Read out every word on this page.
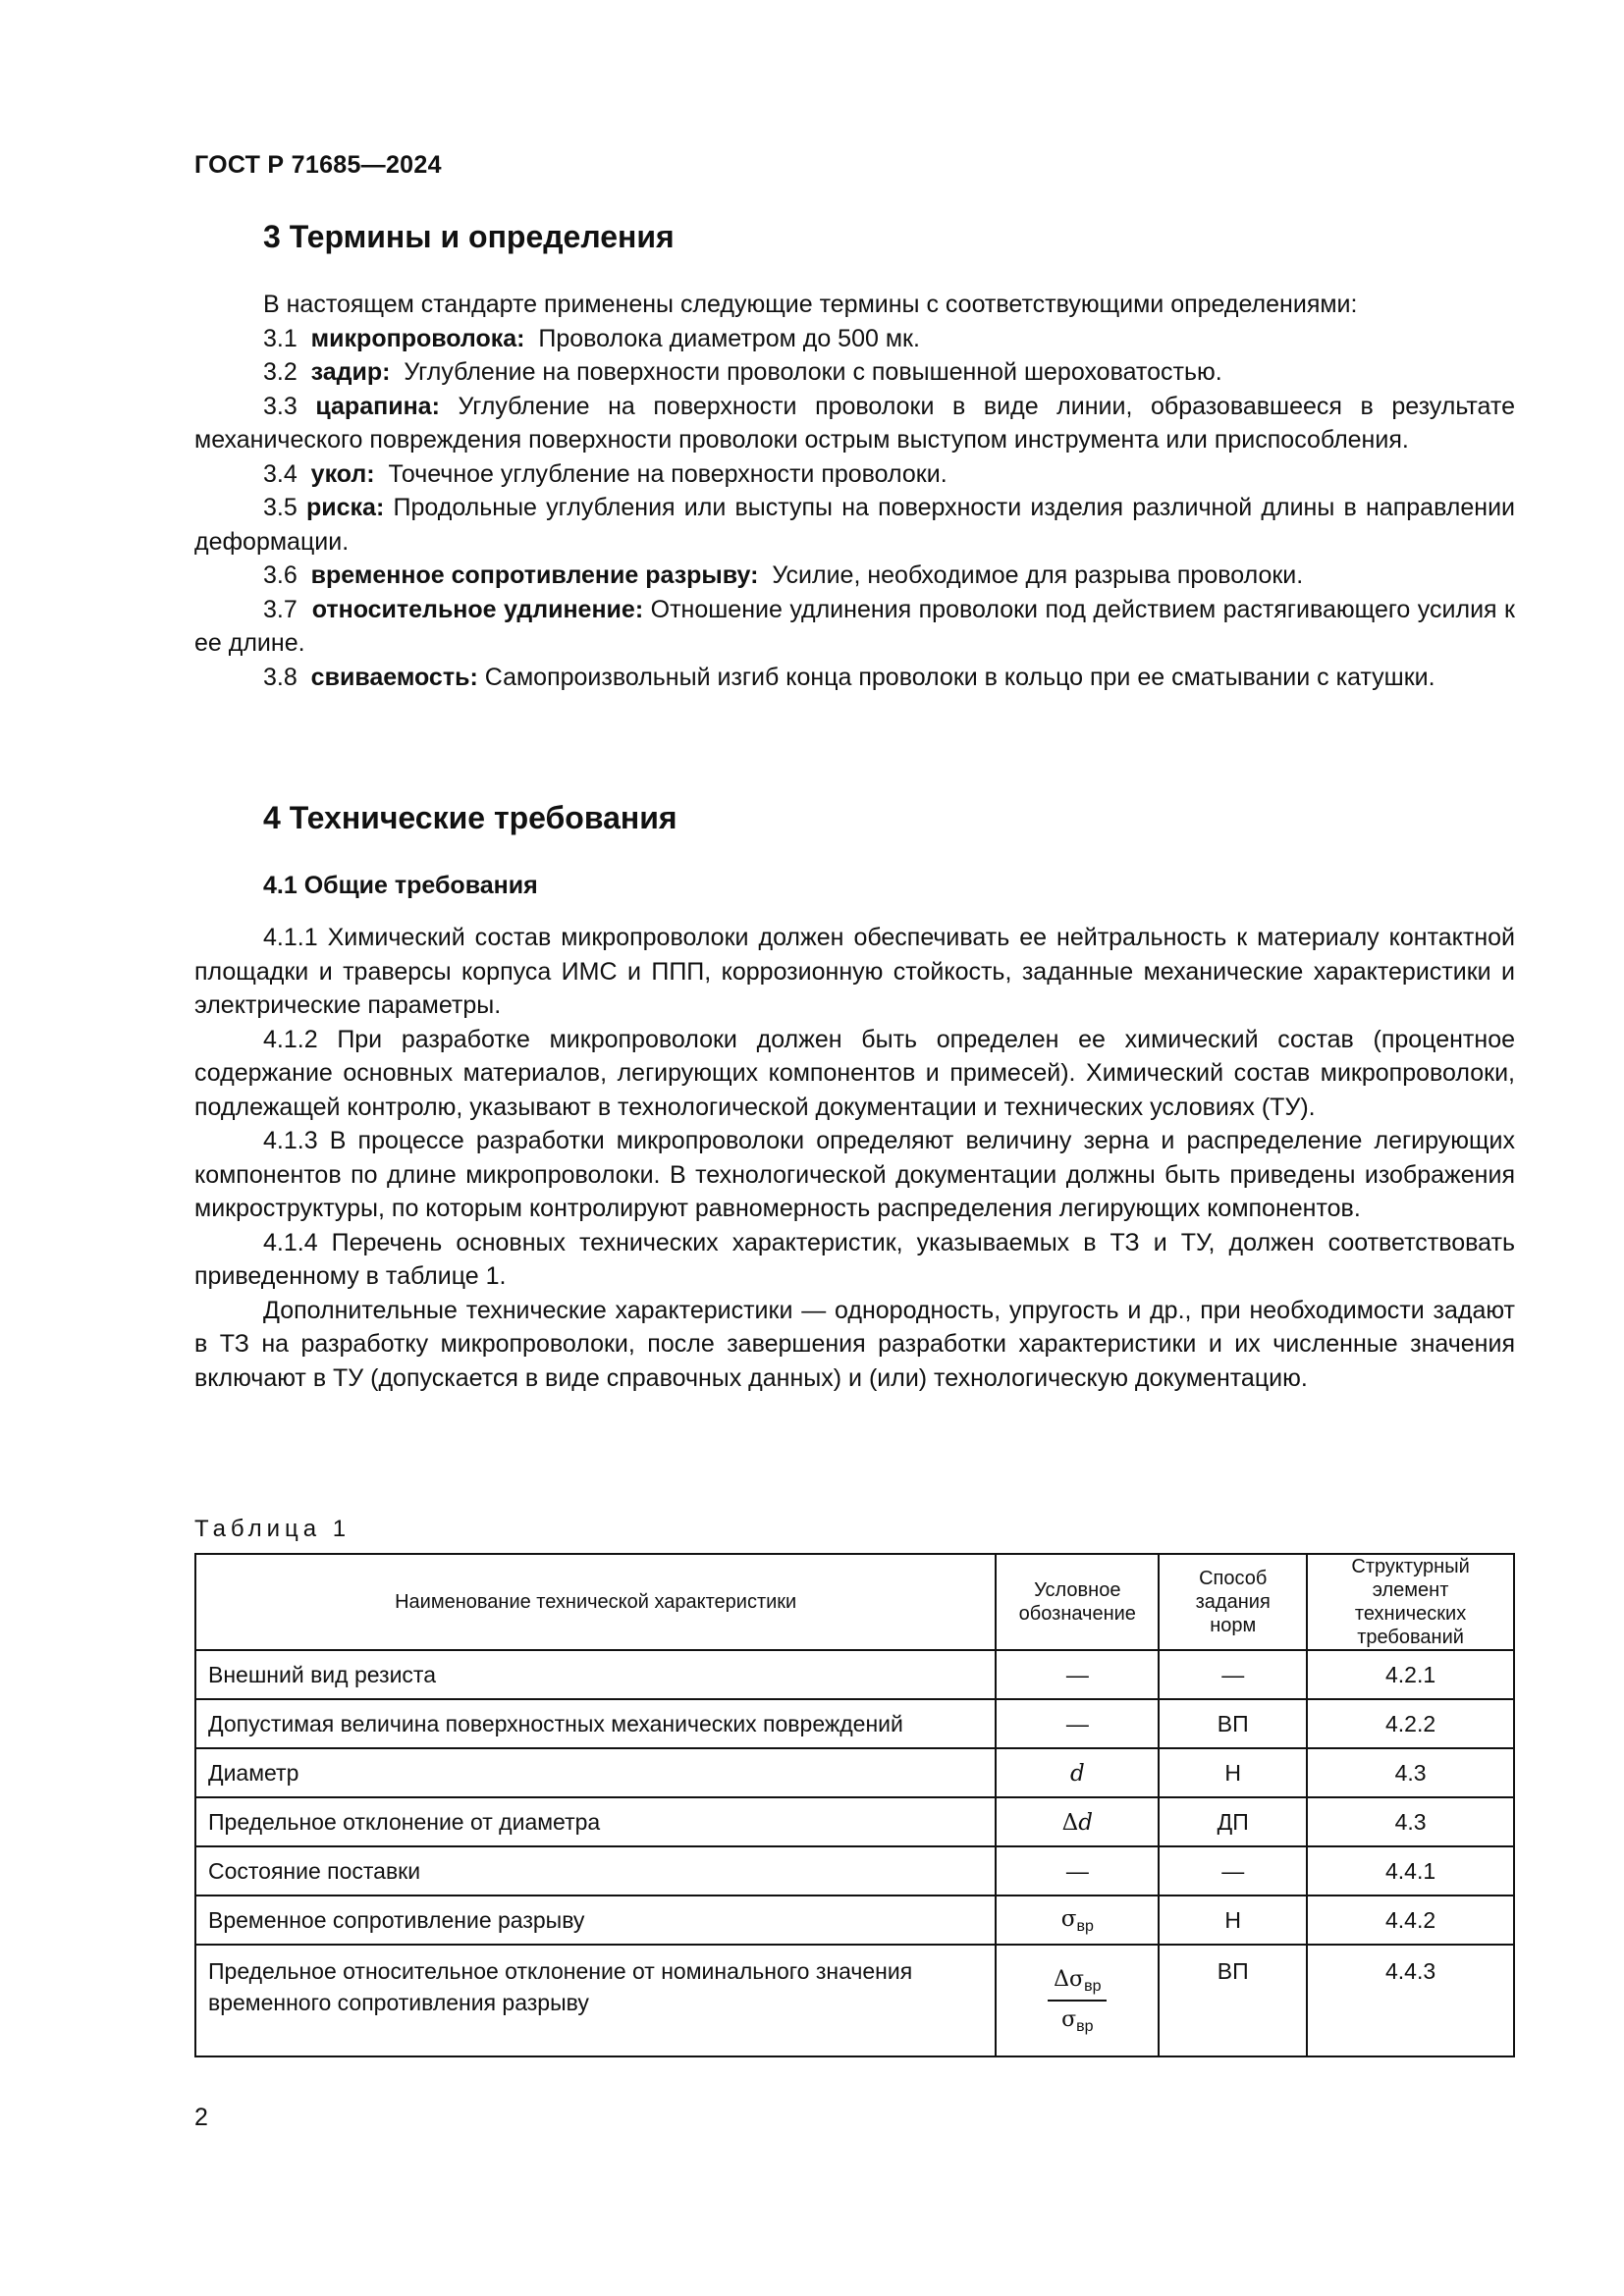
ГОСТ Р 71685—2024
3 Термины и определения

В настоящем стандарте применены следующие термины с соответствующими определениями:

3.1 микропроволока: Проволока диаметром до 500 мк.

3.2 задир: Углубление на поверхности проволоки с повышенной шероховатостью.

3.3 царапина: Углубление на поверхности проволоки в виде линии, образовавшееся в результате механического повреждения поверхности проволоки острым выступом инструмента или приспособления.

3.4 укол: Точечное углубление на поверхности проволоки.

3.5 риска: Продольные углубления или выступы на поверхности изделия различной длины в направлении деформации.

3.6 временное сопротивление разрыву: Усилие, необходимое для разрыва проволоки.

3.7 относительное удлинение: Отношение удлинения проволоки под действием растягивающего усилия к ее длине.

3.8 свиваемость: Самопроизвольный изгиб конца проволоки в кольцо при ее сматывании с катушки.

4 Технические требования
4.1 Общие требования

4.1.1 Химический состав микропроволоки должен обеспечивать ее нейтральность к материалу контактной площадки и траверсы корпуса ИМС и ППП, коррозионную стойкость, заданные механические характеристики и электрические параметры.

4.1.2 При разработке микропроволоки должен быть определен ее химический состав (процентное содержание основных материалов, легирующих компонентов и примесей). Химический состав микропроволоки, подлежащей контролю, указывают в технологической документации и технических условиях (ТУ).

4.1.3 В процессе разработки микропроволоки определяют величину зерна и распределение легирующих компонентов по длине микропроволоки. В технологической документации должны быть приведены изображения микроструктуры, по которым контролируют равномерность распределения легирующих компонентов.

4.1.4 Перечень основных технических характеристик, указываемых в ТЗ и ТУ, должен соответствовать приведенному в таблице 1.

Дополнительные технические характеристики — однородность, упругость и др., при необходимости задают в ТЗ на разработку микропроволоки, после завершения разработки характеристики и их численные значения включают в ТУ (допускается в виде справочных данных) и (или) технологическую документацию.

Таблица 1
Наименование технической характеристики	Условное обозначение	Способ задания норм	Структурный элемент технических требований
Внешний вид резиста	—	—	4.2.1
Допустимая величина поверхностных механических повреждений	—	ВП	4.2.2
Диаметр	d	Н	4.3
Предельное отклонение от диаметра	Δd	ДП	4.3
Состояние поставки	—	—	4.4.1
Временное сопротивление разрыву	$\sigma_{вр}$	Н	4.4.2
Предельное относительное отклонение от номинального значения временного сопротивления разрыву	$\frac{\Delta\sigma_{вр}}{\sigma_{вр}}$	ВП	4.4.3
2
